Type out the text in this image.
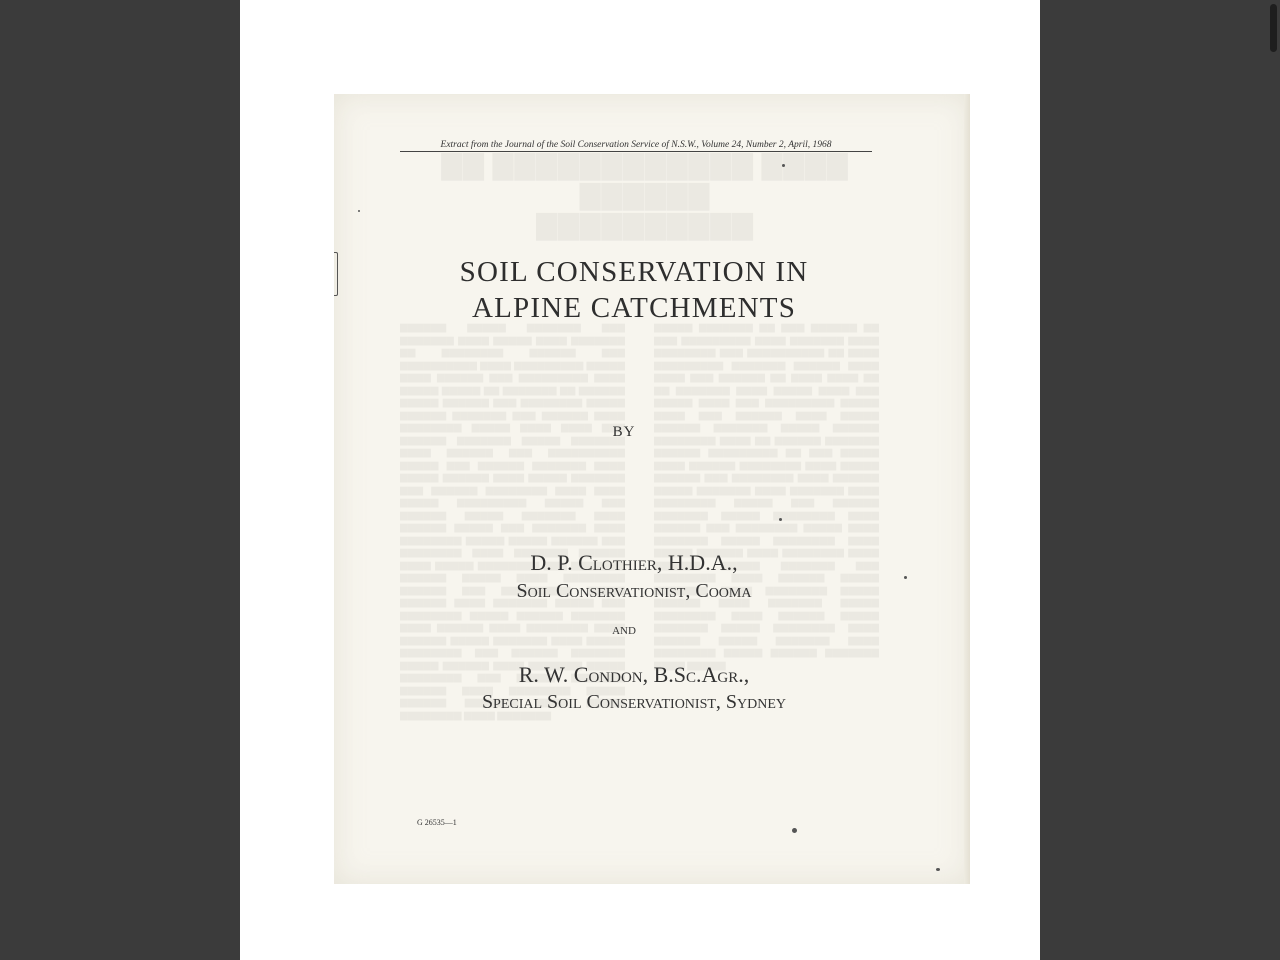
Extract from the Journal of the Soil Conservation Service of N.S.W., Volume 24, Number 2, April, 1968

SOIL CONSERVATION IN
ALPINE CATCHMENTS
BY
D. P. Clothier, H.D.A.,
Soil Conservationist, Cooma
and
R. W. Condon, B.Sc.Agr.,
Special Soil Conservationist, Sydney
G 26535—1
